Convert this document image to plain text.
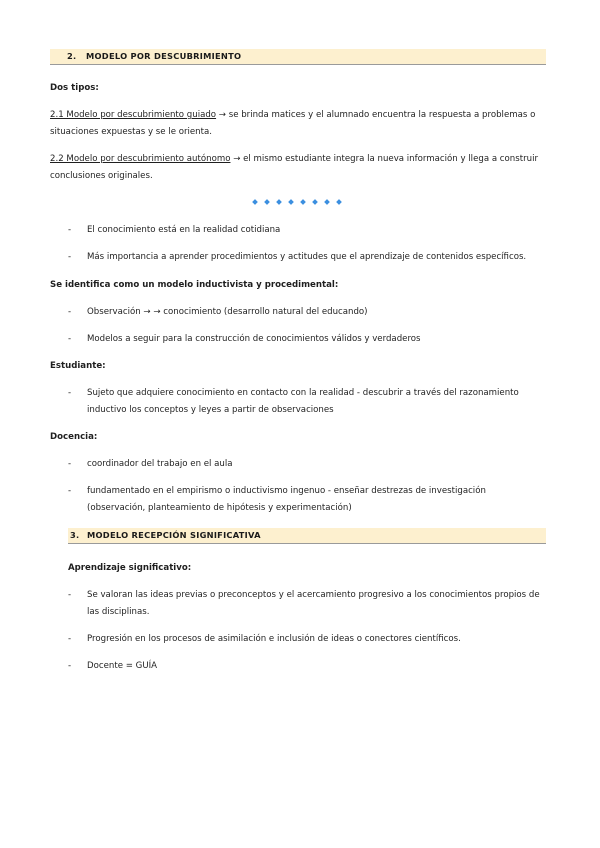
2. MODELO POR DESCUBRIMIENTO
Dos tipos:
2.1 Modelo por descubrimiento guiado → se brinda matices y el alumnado encuentra la respuesta a problemas o
situaciones expuestas y se le orienta.
2.2 Modelo por descubrimiento autónomo → el mismo estudiante integra la nueva información y llega a construir
conclusiones originales.
- El conocimiento está en la realidad cotidiana
- Más importancia a aprender procedimientos y actitudes que el aprendizaje de contenidos específicos.
Se identifica como un modelo inductivista y procedimental:
- Observación → → conocimiento (desarrollo natural del educando)
- Modelos a seguir para la construcción de conocimientos válidos y verdaderos
Estudiante:
- Sujeto que adquiere conocimiento en contacto con la realidad - descubrir a través del razonamiento
inductivo los conceptos y leyes a partir de observaciones
Docencia:
- coordinador del trabajo en el aula
- fundamentado en el empirismo o inductivismo ingenuo - enseñar destrezas de investigación
(observación, planteamiento de hipótesis y experimentación)
3. MODELO RECEPCIÓN SIGNIFICATIVA
Aprendizaje significativo:
- Se valoran las ideas previas o preconceptos y el acercamiento progresivo a los conocimientos propios de
las disciplinas.
- Progresión en los procesos de asimilación e inclusión de ideas o conectores científicos.
- Docente = GUÍA
